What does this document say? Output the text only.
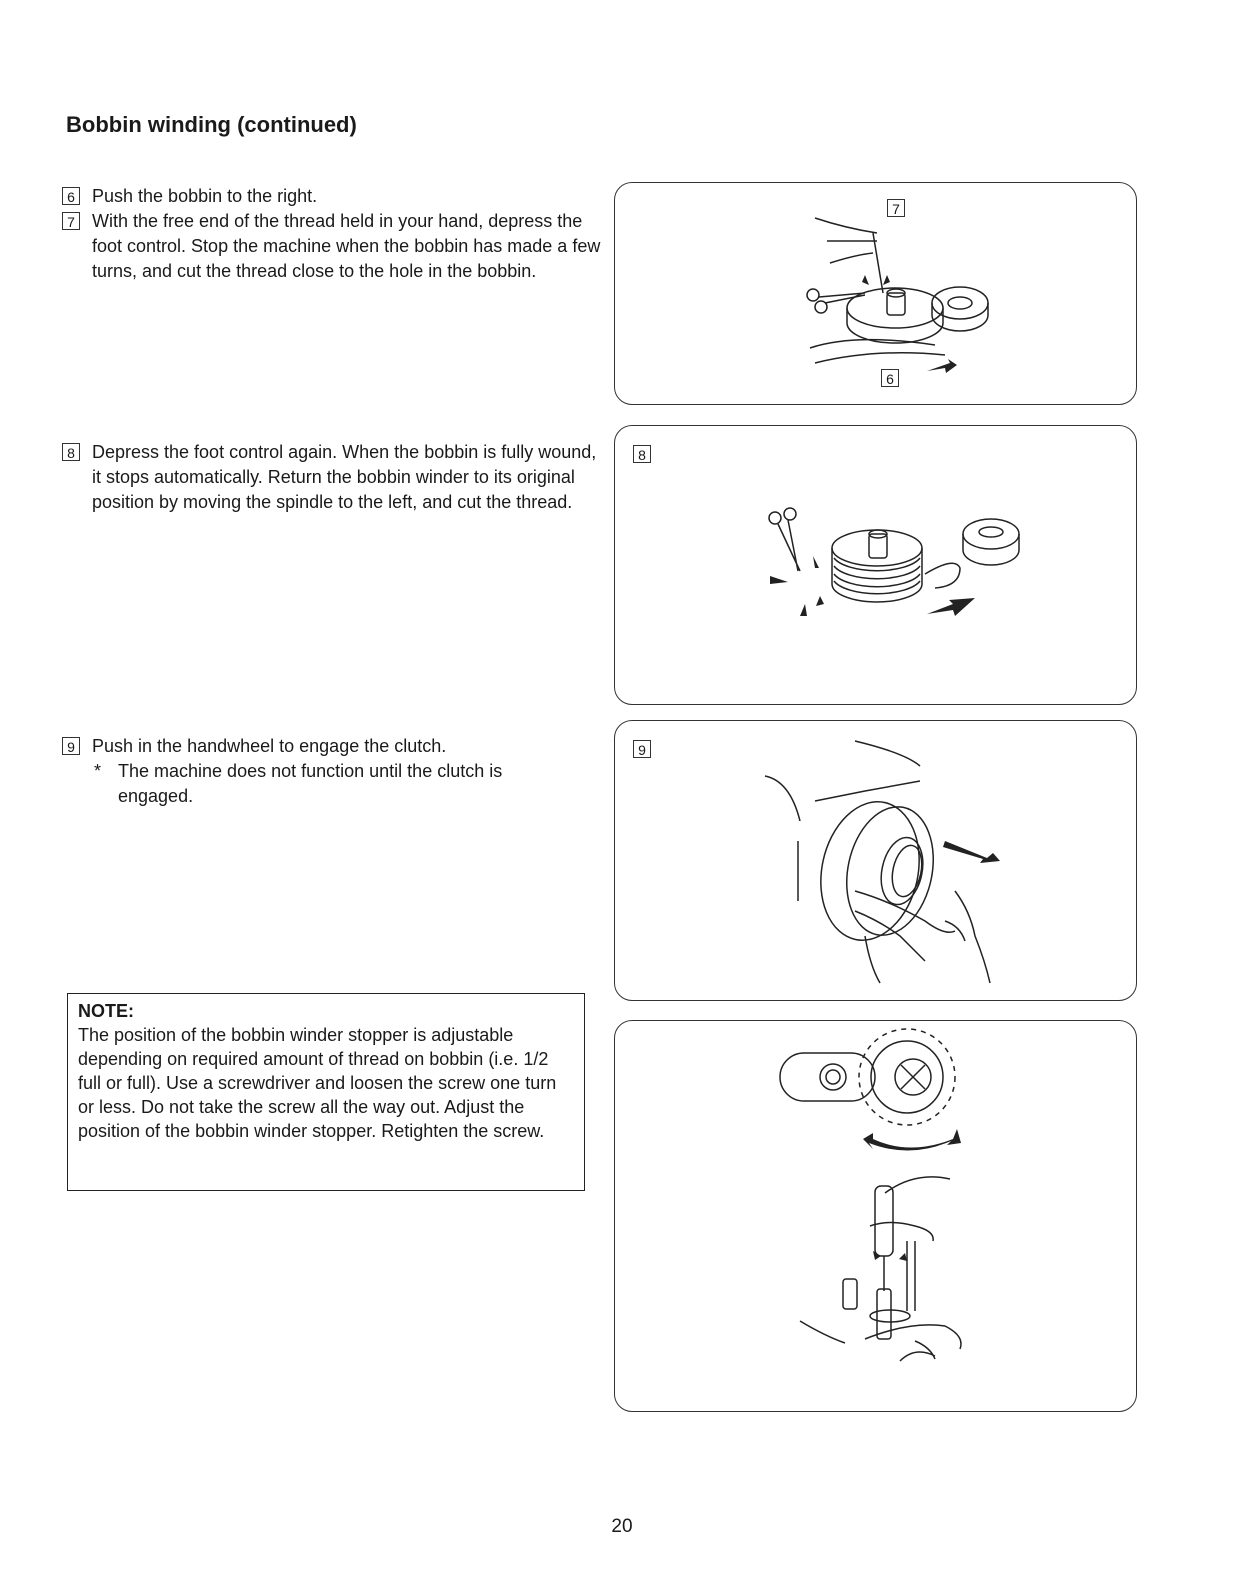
Bobbin winding (continued)
6 Push the bobbin to the right.
7 With the free end of the thread held in your hand, depress the foot control. Stop the machine when the bobbin has made a few turns, and cut the thread close to the hole in the bobbin.
8 Depress the foot control again. When the bobbin is fully wound, it stops automatically. Return the bobbin winder to its original position by moving the spindle to the left, and cut the thread.
9 Push in the handwheel to engage the clutch.
* The machine does not function until the clutch is engaged.
NOTE:
The position of the bobbin winder stopper is adjustable depending on required amount of thread on bobbin (i.e. 1/2 full or full). Use a screwdriver and loosen the screw one turn or less. Do not take the screw all the way out. Adjust the position of the bobbin winder stopper. Retighten the screw.
7
6
8
9
20
